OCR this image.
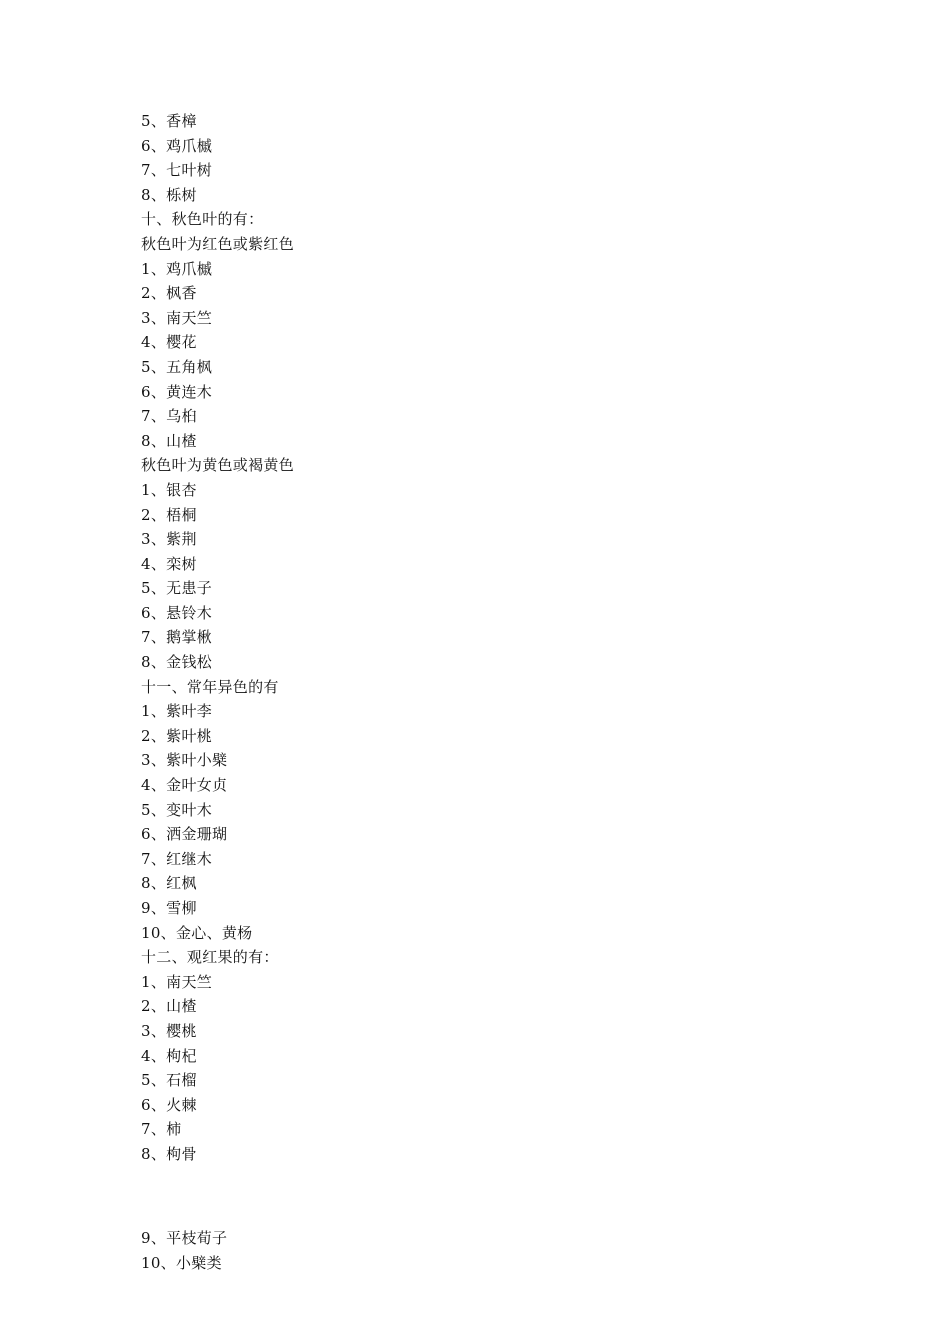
5、香樟
6、鸡爪槭
7、七叶树
8、栎树
十、秋色叶的有：
秋色叶为红色或紫红色
1、鸡爪槭
2、枫香
3、南天竺
4、樱花
5、五角枫
6、黄连木
7、乌桕
8、山楂
秋色叶为黄色或褐黄色
1、银杏
2、梧桐
3、紫荆
4、栾树
5、无患子
6、悬铃木
7、鹅掌楸
8、金钱松
十一、常年异色的有
1、紫叶李
2、紫叶桃
3、紫叶小檗
4、金叶女贞
5、变叶木
6、洒金珊瑚
7、红继木
8、红枫
9、雪柳
10、金心、黄杨
十二、观红果的有：
1、南天竺
2、山楂
3、樱桃
4、枸杞
5、石榴
6、火棘
7、柿
8、枸骨
9、平枝荀子
10、小檗类
